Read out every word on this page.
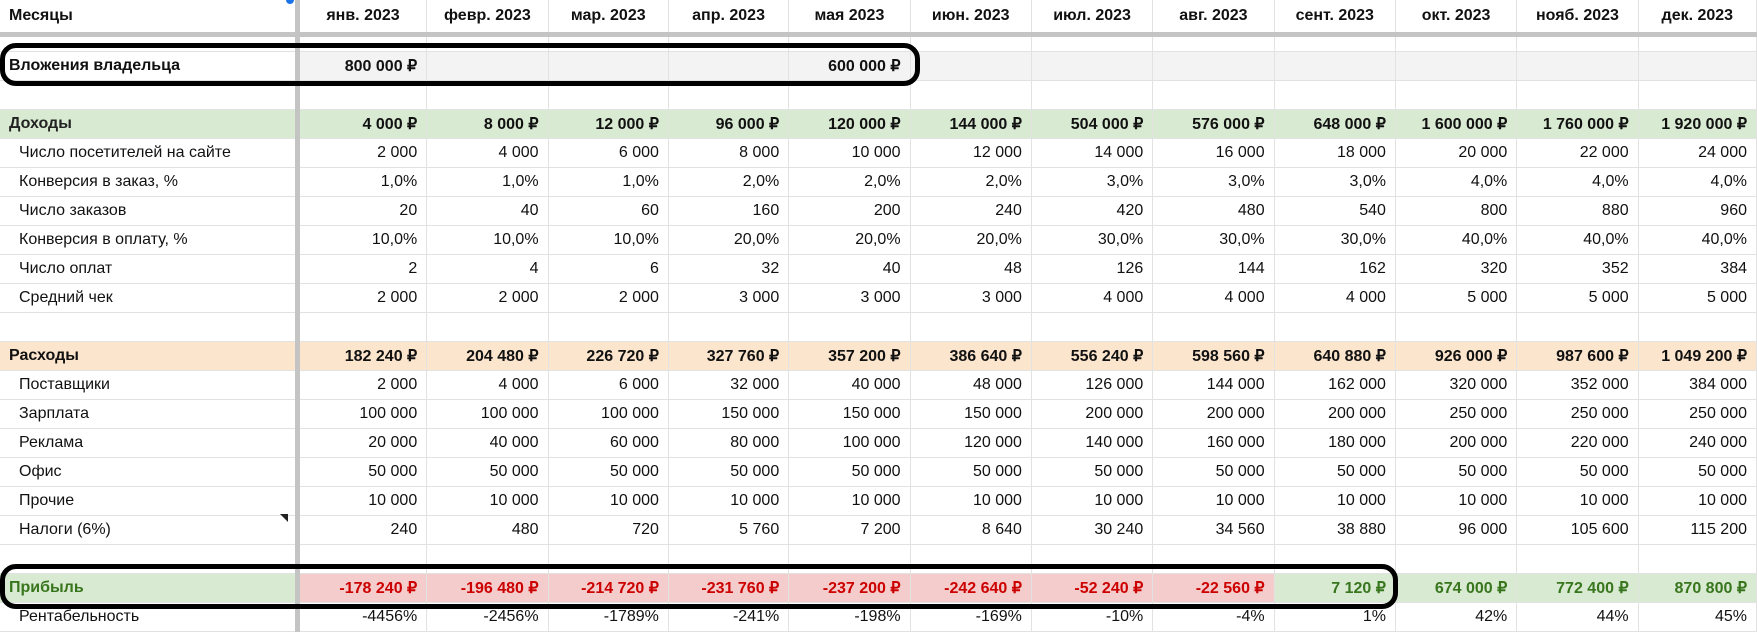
Месяцы	янв. 2023	февр. 2023	мар. 2023	апр. 2023	мая 2023	июн. 2023	июл. 2023	авг. 2023	сент. 2023	окт. 2023	нояб. 2023	дек. 2023

Вложения владельца	800 000 ₽				600 000 ₽							

Доходы	4 000 ₽	8 000 ₽	12 000 ₽	96 000 ₽	120 000 ₽	144 000 ₽	504 000 ₽	576 000 ₽	648 000 ₽	1 600 000 ₽	1 760 000 ₽	1 920 000 ₽
Число посетителей на сайте	2 000	4 000	6 000	8 000	10 000	12 000	14 000	16 000	18 000	20 000	22 000	24 000
Конверсия в заказ, %	1,0%	1,0%	1,0%	2,0%	2,0%	2,0%	3,0%	3,0%	3,0%	4,0%	4,0%	4,0%
Число заказов	20	40	60	160	200	240	420	480	540	800	880	960
Конверсия в оплату, %	10,0%	10,0%	10,0%	20,0%	20,0%	20,0%	30,0%	30,0%	30,0%	40,0%	40,0%	40,0%
Число оплат	2	4	6	32	40	48	126	144	162	320	352	384
Средний чек	2 000	2 000	2 000	3 000	3 000	3 000	4 000	4 000	4 000	5 000	5 000	5 000

Расходы	182 240 ₽	204 480 ₽	226 720 ₽	327 760 ₽	357 200 ₽	386 640 ₽	556 240 ₽	598 560 ₽	640 880 ₽	926 000 ₽	987 600 ₽	1 049 200 ₽
Поставщики	2 000	4 000	6 000	32 000	40 000	48 000	126 000	144 000	162 000	320 000	352 000	384 000
Зарплата	100 000	100 000	100 000	150 000	150 000	150 000	200 000	200 000	200 000	250 000	250 000	250 000
Реклама	20 000	40 000	60 000	80 000	100 000	120 000	140 000	160 000	180 000	200 000	220 000	240 000
Офис	50 000	50 000	50 000	50 000	50 000	50 000	50 000	50 000	50 000	50 000	50 000	50 000
Прочие	10 000	10 000	10 000	10 000	10 000	10 000	10 000	10 000	10 000	10 000	10 000	10 000
Налоги (6%)	240	480	720	5 760	7 200	8 640	30 240	34 560	38 880	96 000	105 600	115 200

Прибыль	-178 240 ₽	-196 480 ₽	-214 720 ₽	-231 760 ₽	-237 200 ₽	-242 640 ₽	-52 240 ₽	-22 560 ₽	7 120 ₽	674 000 ₽	772 400 ₽	870 800 ₽
Рентабельность	-4456%	-2456%	-1789%	-241%	-198%	-169%	-10%	-4%	1%	42%	44%	45%
